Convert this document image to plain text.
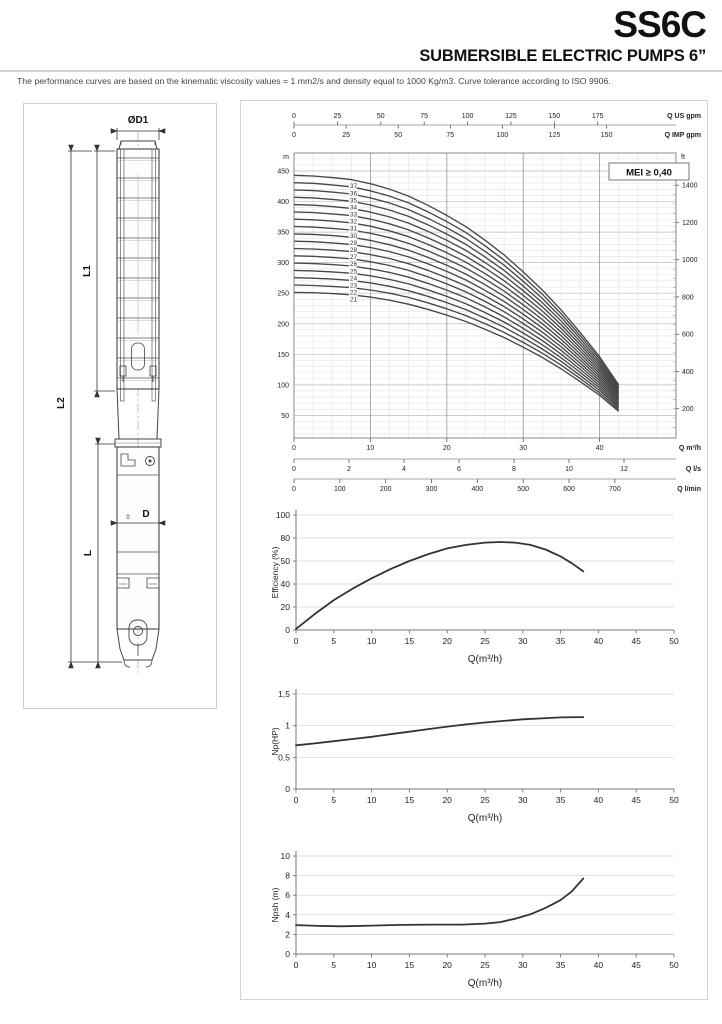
SS6C
SUBMERSIBLE ELECTRIC PUMPS 6”
The performance curves are based on the kinematic viscosity values = 1 mm2/s and density equal to 1000 Kg/m3. Curve tolerance according to ISO 9906.
ØD1
L1
L2
L
D
◊
m
50
100
150
200
250
300
350
400
450
ft
200
400
600
800
1000
1200
1400
0	25	50	75	100	125	150	175	Q US gpm
0	25	50	75	100	125	150	Q IMP gpm
0	10	20	30	40	Q m³/h
0	2	4	6	8	10	12	Q l/s
0	100	200	300	400	500	600	700	Q l/min
MEI ≥ 0,40
21
22
23
24
25
26
27
28
29
30
31
32
33
34
35
36
37
0
20
40
50
80
100
0	5	10	15	20	25	30	35	40	45	50
Efficiency (%)
Q(m³/h)
0
0,5
1
1,5
0	5	10	15	20	25	30	35	40	45	50
Np(HP)
Q(m³/h)
0
2
4
6
8
10
0	5	10	15	20	25	30	35	40	45	50
Npsh (m)
Q(m³/h)
